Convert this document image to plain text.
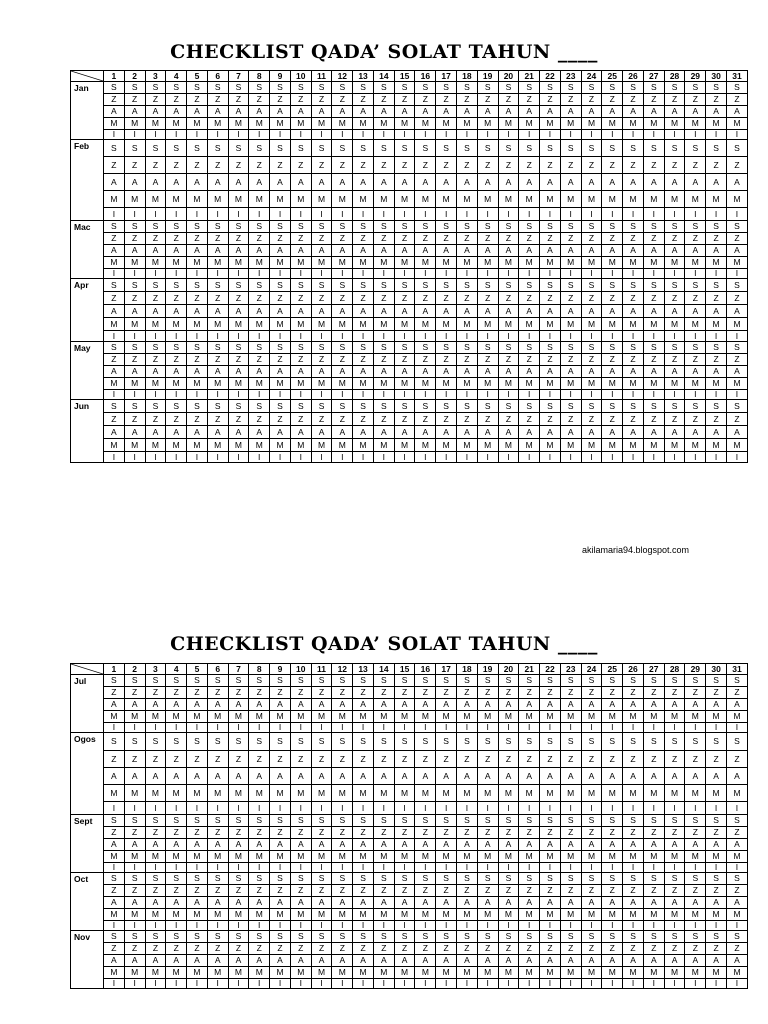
CHECKLIST QADA’ SOLAT TAHUN ____
	1	2	3	4	5	6	7	8	9	10	11	12	13	14	15	16	17	18	19	20	21	22	23	24	25	26	27	28	29	30	31
Jan	S	S	S	S	S	S	S	S	S	S	S	S	S	S	S	S	S	S	S	S	S	S	S	S	S	S	S	S	S	S	S
	Z	Z	Z	Z	Z	Z	Z	Z	Z	Z	Z	Z	Z	Z	Z	Z	Z	Z	Z	Z	Z	Z	Z	Z	Z	Z	Z	Z	Z	Z	Z
	A	A	A	A	A	A	A	A	A	A	A	A	A	A	A	A	A	A	A	A	A	A	A	A	A	A	A	A	A	A	A
	M	M	M	M	M	M	M	M	M	M	M	M	M	M	M	M	M	M	M	M	M	M	M	M	M	M	M	M	M	M	M
	I	I	I	I	I	I	I	I	I	I	I	I	I	I	I	I	I	I	I	I	I	I	I	I	I	I	I	I	I	I	I
Feb	S	S	S	S	S	S	S	S	S	S	S	S	S	S	S	S	S	S	S	S	S	S	S	S	S	S	S	S	S	S	S
	Z	Z	Z	Z	Z	Z	Z	Z	Z	Z	Z	Z	Z	Z	Z	Z	Z	Z	Z	Z	Z	Z	Z	Z	Z	Z	Z	Z	Z	Z	Z
	A	A	A	A	A	A	A	A	A	A	A	A	A	A	A	A	A	A	A	A	A	A	A	A	A	A	A	A	A	A	A
	M	M	M	M	M	M	M	M	M	M	M	M	M	M	M	M	M	M	M	M	M	M	M	M	M	M	M	M	M	M	M
	I	I	I	I	I	I	I	I	I	I	I	I	I	I	I	I	I	I	I	I	I	I	I	I	I	I	I	I	I	I	I
Mac	S	S	S	S	S	S	S	S	S	S	S	S	S	S	S	S	S	S	S	S	S	S	S	S	S	S	S	S	S	S	S
	Z	Z	Z	Z	Z	Z	Z	Z	Z	Z	Z	Z	Z	Z	Z	Z	Z	Z	Z	Z	Z	Z	Z	Z	Z	Z	Z	Z	Z	Z	Z
	A	A	A	A	A	A	A	A	A	A	A	A	A	A	A	A	A	A	A	A	A	A	A	A	A	A	A	A	A	A	A
	M	M	M	M	M	M	M	M	M	M	M	M	M	M	M	M	M	M	M	M	M	M	M	M	M	M	M	M	M	M	M
	I	I	I	I	I	I	I	I	I	I	I	I	I	I	I	I	I	I	I	I	I	I	I	I	I	I	I	I	I	I	I
Apr	S	S	S	S	S	S	S	S	S	S	S	S	S	S	S	S	S	S	S	S	S	S	S	S	S	S	S	S	S	S	S
	Z	Z	Z	Z	Z	Z	Z	Z	Z	Z	Z	Z	Z	Z	Z	Z	Z	Z	Z	Z	Z	Z	Z	Z	Z	Z	Z	Z	Z	Z	Z
	A	A	A	A	A	A	A	A	A	A	A	A	A	A	A	A	A	A	A	A	A	A	A	A	A	A	A	A	A	A	A
	M	M	M	M	M	M	M	M	M	M	M	M	M	M	M	M	M	M	M	M	M	M	M	M	M	M	M	M	M	M	M
	I	I	I	I	I	I	I	I	I	I	I	I	I	I	I	I	I	I	I	I	I	I	I	I	I	I	I	I	I	I	I
May	S	S	S	S	S	S	S	S	S	S	S	S	S	S	S	S	S	S	S	S	S	S	S	S	S	S	S	S	S	S	S
	Z	Z	Z	Z	Z	Z	Z	Z	Z	Z	Z	Z	Z	Z	Z	Z	Z	Z	Z	Z	Z	Z	Z	Z	Z	Z	Z	Z	Z	Z	Z
	A	A	A	A	A	A	A	A	A	A	A	A	A	A	A	A	A	A	A	A	A	A	A	A	A	A	A	A	A	A	A
	M	M	M	M	M	M	M	M	M	M	M	M	M	M	M	M	M	M	M	M	M	M	M	M	M	M	M	M	M	M	M
	I	I	I	I	I	I	I	I	I	I	I	I	I	I	I	I	I	I	I	I	I	I	I	I	I	I	I	I	I	I	I
Jun	S	S	S	S	S	S	S	S	S	S	S	S	S	S	S	S	S	S	S	S	S	S	S	S	S	S	S	S	S	S	S
	Z	Z	Z	Z	Z	Z	Z	Z	Z	Z	Z	Z	Z	Z	Z	Z	Z	Z	Z	Z	Z	Z	Z	Z	Z	Z	Z	Z	Z	Z	Z
	A	A	A	A	A	A	A	A	A	A	A	A	A	A	A	A	A	A	A	A	A	A	A	A	A	A	A	A	A	A	A
	M	M	M	M	M	M	M	M	M	M	M	M	M	M	M	M	M	M	M	M	M	M	M	M	M	M	M	M	M	M	M
	I	I	I	I	I	I	I	I	I	I	I	I	I	I	I	I	I	I	I	I	I	I	I	I	I	I	I	I	I	I	I
akilamaria94.blogspot.com
CHECKLIST QADA’ SOLAT TAHUN ____
	1	2	3	4	5	6	7	8	9	10	11	12	13	14	15	16	17	18	19	20	21	22	23	24	25	26	27	28	29	30	31
Jul	S	S	S	S	S	S	S	S	S	S	S	S	S	S	S	S	S	S	S	S	S	S	S	S	S	S	S	S	S	S	S
	Z	Z	Z	Z	Z	Z	Z	Z	Z	Z	Z	Z	Z	Z	Z	Z	Z	Z	Z	Z	Z	Z	Z	Z	Z	Z	Z	Z	Z	Z	Z
	A	A	A	A	A	A	A	A	A	A	A	A	A	A	A	A	A	A	A	A	A	A	A	A	A	A	A	A	A	A	A
	M	M	M	M	M	M	M	M	M	M	M	M	M	M	M	M	M	M	M	M	M	M	M	M	M	M	M	M	M	M	M
	I	I	I	I	I	I	I	I	I	I	I	I	I	I	I	I	I	I	I	I	I	I	I	I	I	I	I	I	I	I	I
Ogos	S	S	S	S	S	S	S	S	S	S	S	S	S	S	S	S	S	S	S	S	S	S	S	S	S	S	S	S	S	S	S
	Z	Z	Z	Z	Z	Z	Z	Z	Z	Z	Z	Z	Z	Z	Z	Z	Z	Z	Z	Z	Z	Z	Z	Z	Z	Z	Z	Z	Z	Z	Z
	A	A	A	A	A	A	A	A	A	A	A	A	A	A	A	A	A	A	A	A	A	A	A	A	A	A	A	A	A	A	A
	M	M	M	M	M	M	M	M	M	M	M	M	M	M	M	M	M	M	M	M	M	M	M	M	M	M	M	M	M	M	M
	I	I	I	I	I	I	I	I	I	I	I	I	I	I	I	I	I	I	I	I	I	I	I	I	I	I	I	I	I	I	I
Sept	S	S	S	S	S	S	S	S	S	S	S	S	S	S	S	S	S	S	S	S	S	S	S	S	S	S	S	S	S	S	S
	Z	Z	Z	Z	Z	Z	Z	Z	Z	Z	Z	Z	Z	Z	Z	Z	Z	Z	Z	Z	Z	Z	Z	Z	Z	Z	Z	Z	Z	Z	Z
	A	A	A	A	A	A	A	A	A	A	A	A	A	A	A	A	A	A	A	A	A	A	A	A	A	A	A	A	A	A	A
	M	M	M	M	M	M	M	M	M	M	M	M	M	M	M	M	M	M	M	M	M	M	M	M	M	M	M	M	M	M	M
	I	I	I	I	I	I	I	I	I	I	I	I	I	I	I	I	I	I	I	I	I	I	I	I	I	I	I	I	I	I	I
Oct	S	S	S	S	S	S	S	S	S	S	S	S	S	S	S	S	S	S	S	S	S	S	S	S	S	S	S	S	S	S	S
	Z	Z	Z	Z	Z	Z	Z	Z	Z	Z	Z	Z	Z	Z	Z	Z	Z	Z	Z	Z	Z	Z	Z	Z	Z	Z	Z	Z	Z	Z	Z
	A	A	A	A	A	A	A	A	A	A	A	A	A	A	A	A	A	A	A	A	A	A	A	A	A	A	A	A	A	A	A
	M	M	M	M	M	M	M	M	M	M	M	M	M	M	M	M	M	M	M	M	M	M	M	M	M	M	M	M	M	M	M
	I	I	I	I	I	I	I	I	I	I	I	I	I	I	I	I	I	I	I	I	I	I	I	I	I	I	I	I	I	I	I
Nov	S	S	S	S	S	S	S	S	S	S	S	S	S	S	S	S	S	S	S	S	S	S	S	S	S	S	S	S	S	S	S
	Z	Z	Z	Z	Z	Z	Z	Z	Z	Z	Z	Z	Z	Z	Z	Z	Z	Z	Z	Z	Z	Z	Z	Z	Z	Z	Z	Z	Z	Z	Z
	A	A	A	A	A	A	A	A	A	A	A	A	A	A	A	A	A	A	A	A	A	A	A	A	A	A	A	A	A	A	A
	M	M	M	M	M	M	M	M	M	M	M	M	M	M	M	M	M	M	M	M	M	M	M	M	M	M	M	M	M	M	M
	I	I	I	I	I	I	I	I	I	I	I	I	I	I	I	I	I	I	I	I	I	I	I	I	I	I	I	I	I	I	I
